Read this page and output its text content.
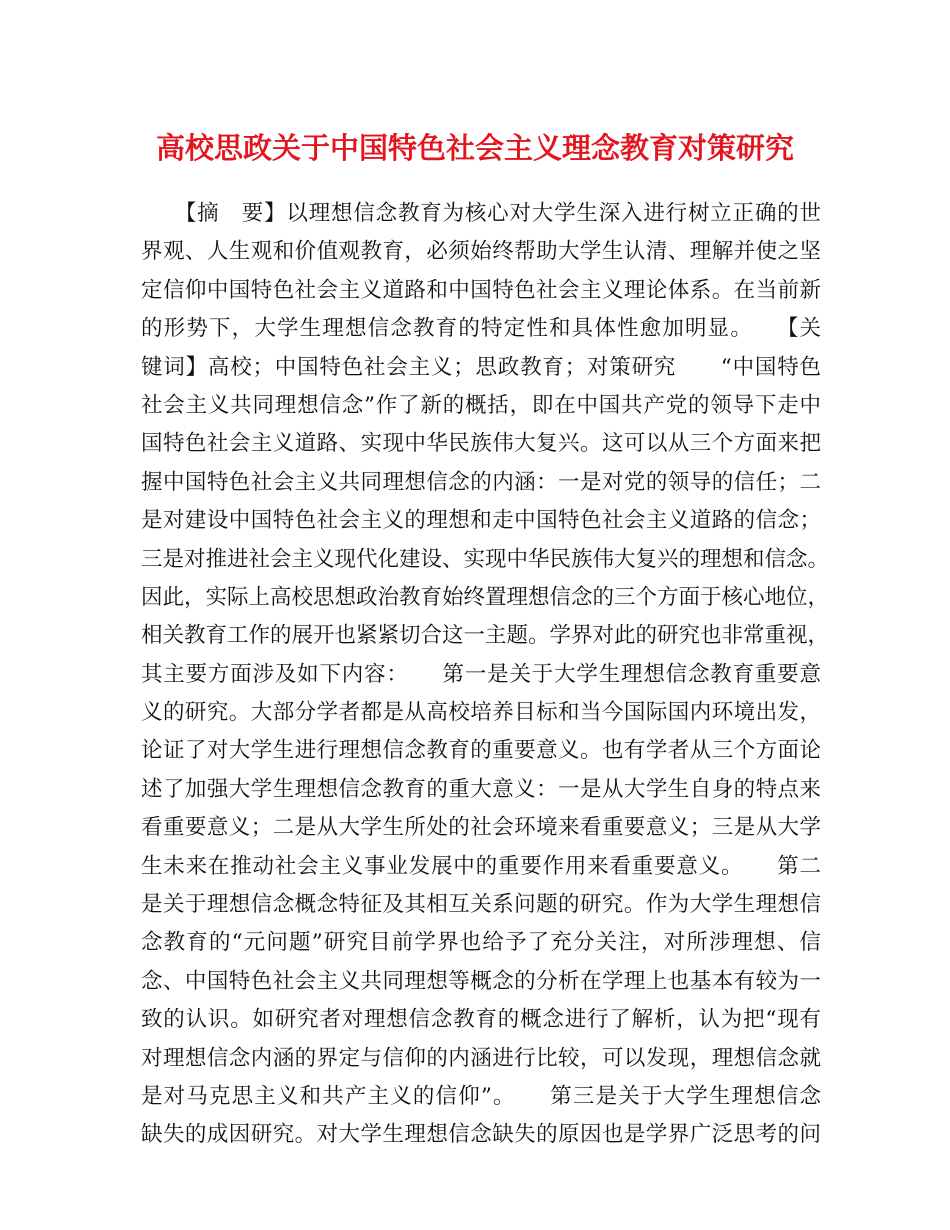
高校思政关于中国特色社会主义理念教育对策研究
　　【摘　要】以理想信念教育为核心对大学生深入进行树立正确的世
界观、人生观和价值观教育，必须始终帮助大学生认清、理解并使之坚
定信仰中国特色社会主义道路和中国特色社会主义理论体系。在当前新
的形势下，大学生理想信念教育的特定性和具体性愈加明显。　　【关
键词】高校；中国特色社会主义；思政教育；对策研究　　“中国特色
社会主义共同理想信念”作了新的概括，即在中国共产党的领导下走中
国特色社会主义道路、实现中华民族伟大复兴。这可以从三个方面来把
握中国特色社会主义共同理想信念的内涵：一是对党的领导的信任；二
是对建设中国特色社会主义的理想和走中国特色社会主义道路的信念；
三是对推进社会主义现代化建设、实现中华民族伟大复兴的理想和信念。
因此，实际上高校思想政治教育始终置理想信念的三个方面于核心地位，
相关教育工作的展开也紧紧切合这一主题。学界对此的研究也非常重视，
其主要方面涉及如下内容：　　第一是关于大学生理想信念教育重要意
义的研究。大部分学者都是从高校培养目标和当今国际国内环境出发，
论证了对大学生进行理想信念教育的重要意义。也有学者从三个方面论
述了加强大学生理想信念教育的重大意义：一是从大学生自身的特点来
看重要意义；二是从大学生所处的社会环境来看重要意义；三是从大学
生未来在推动社会主义事业发展中的重要作用来看重要意义。　　第二
是关于理想信念概念特征及其相互关系问题的研究。作为大学生理想信
念教育的“元问题”研究目前学界也给予了充分关注，对所涉理想、信
念、中国特色社会主义共同理想等概念的分析在学理上也基本有较为一
致的认识。如研究者对理想信念教育的概念进行了解析，认为把“现有
对理想信念内涵的界定与信仰的内涵进行比较，可以发现，理想信念就
是对马克思主义和共产主义的信仰”。　　第三是关于大学生理想信念
缺失的成因研究。对大学生理想信念缺失的原因也是学界广泛思考的问
